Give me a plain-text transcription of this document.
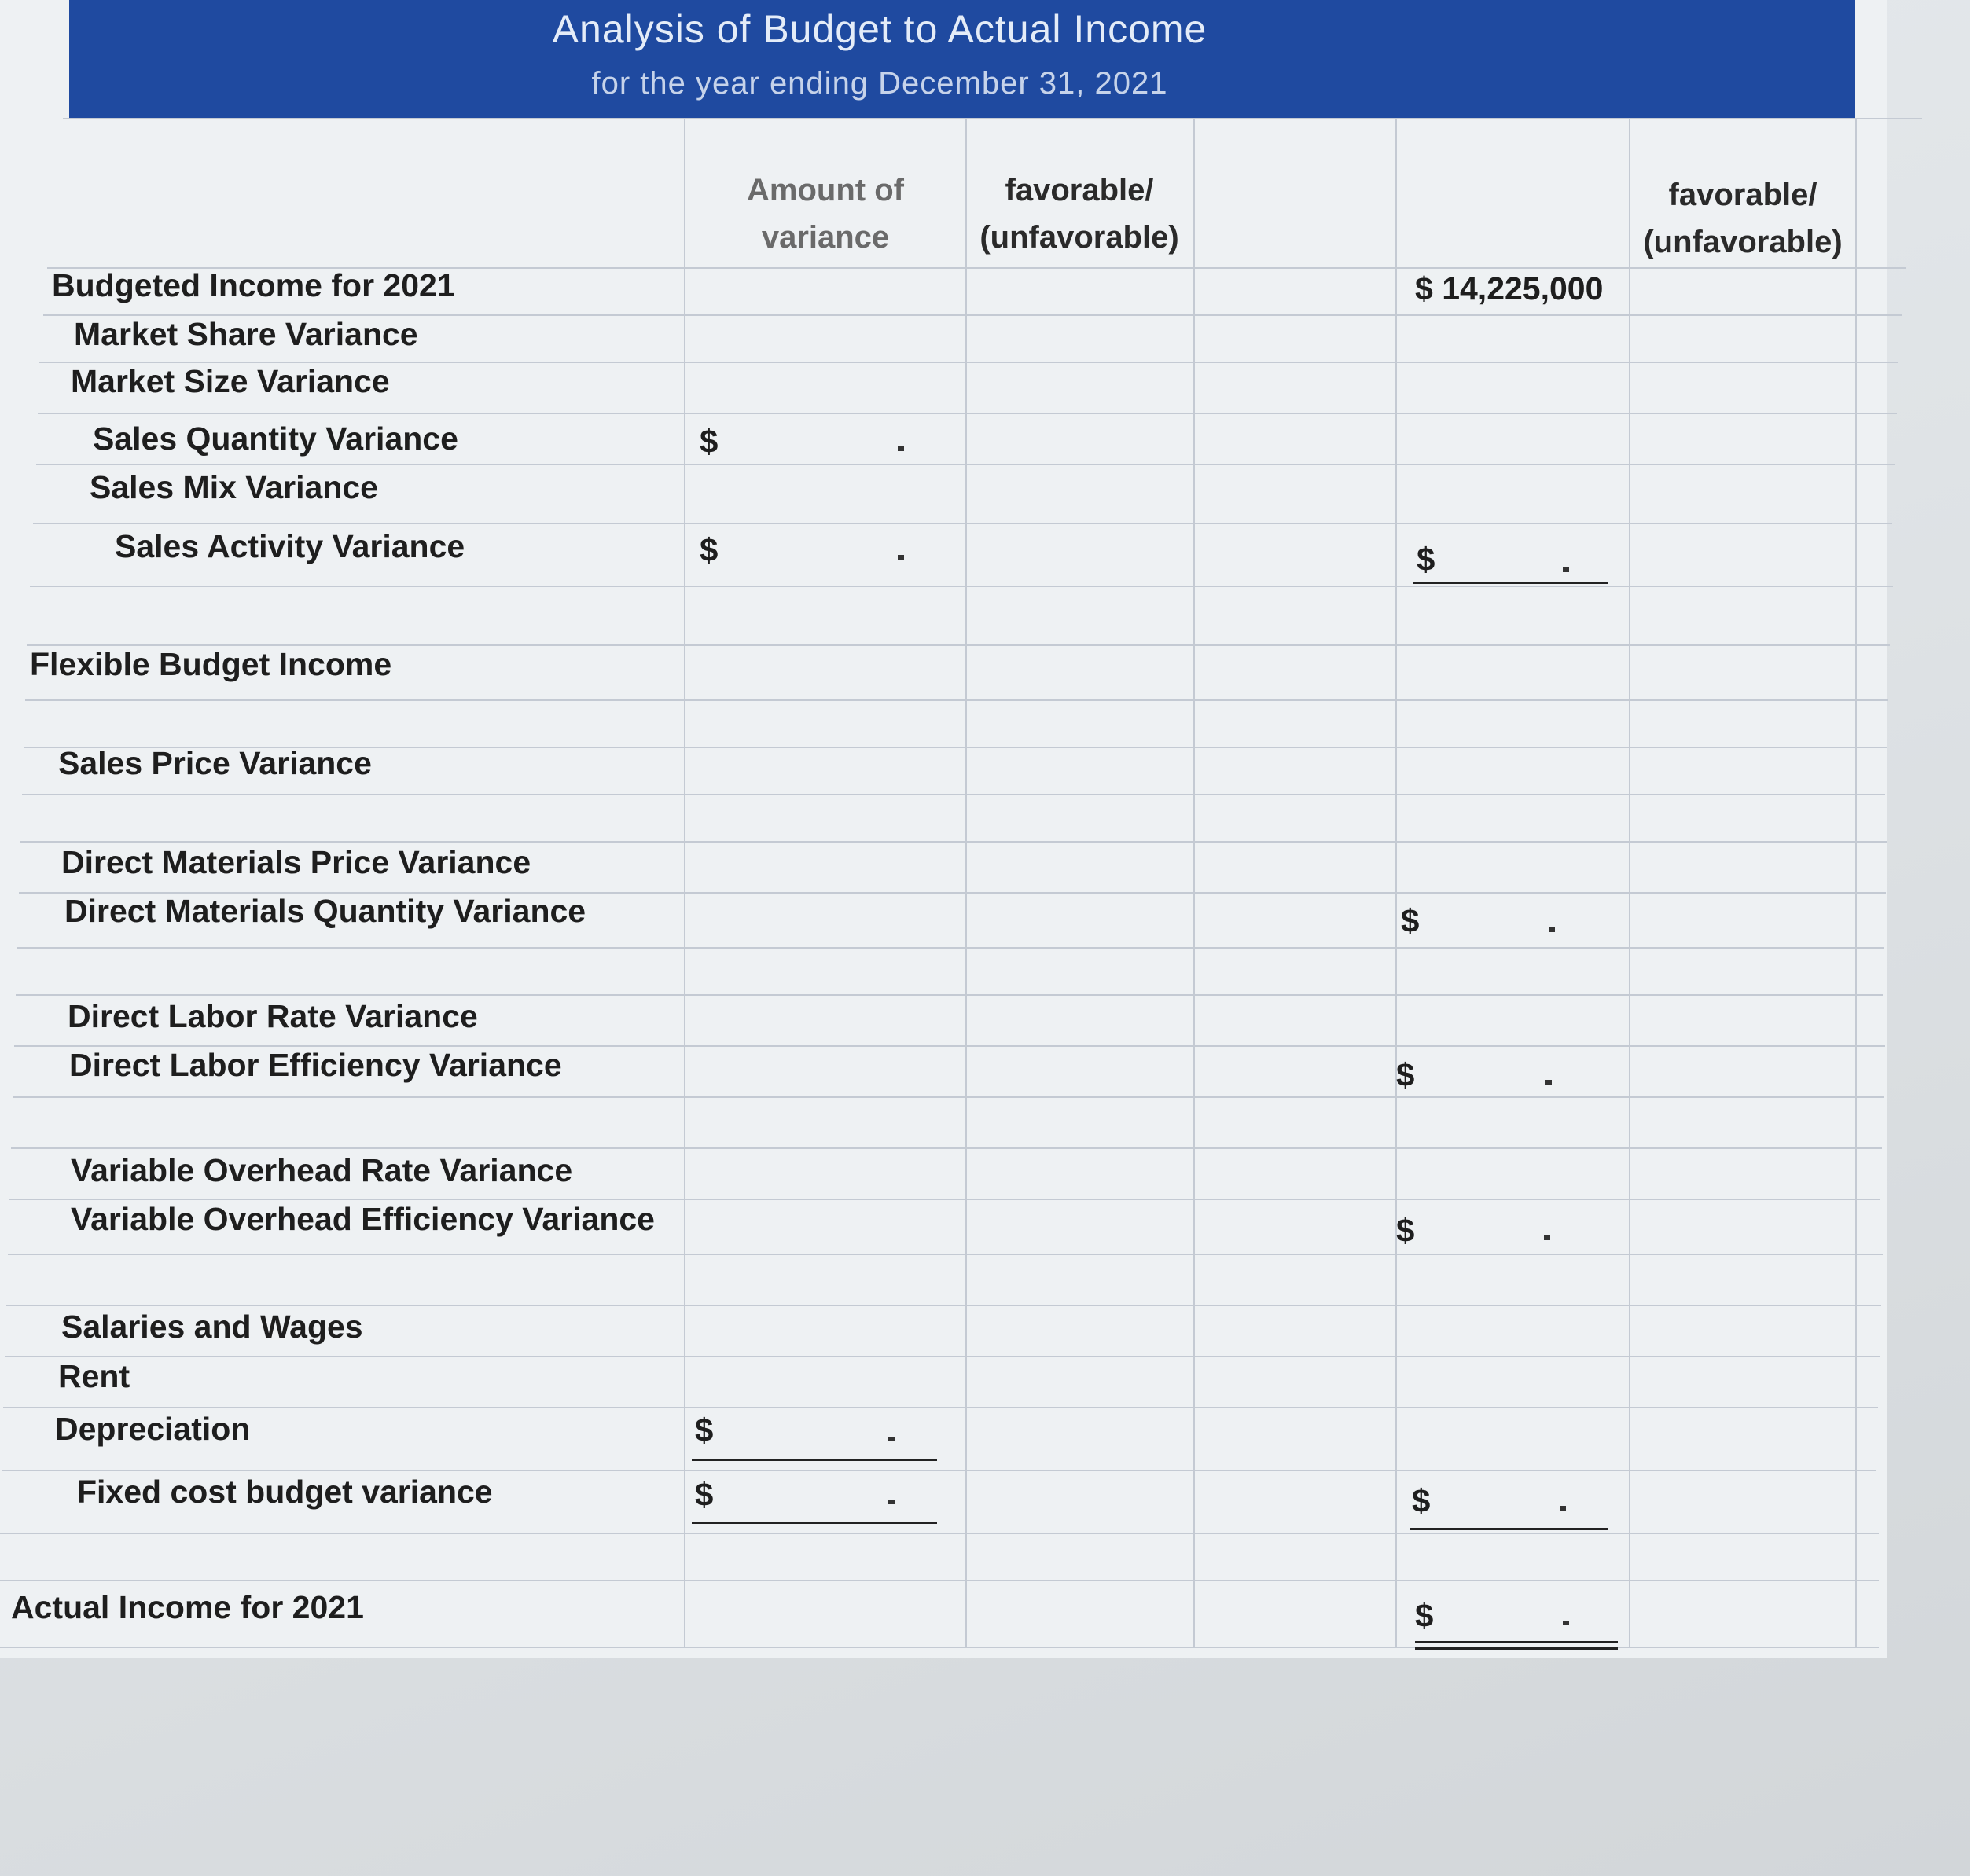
Analysis of Budget to Actual Income
for the year ending December 31, 2021
Amount of
variance
favorable/
(unfavorable)
favorable/
(unfavorable)
Budgeted Income for 2021
Market Share Variance
Market Size Variance
Sales Quantity Variance
Sales Mix Variance
Sales Activity Variance
Flexible Budget Income
Sales Price Variance
Direct Materials Price Variance
Direct Materials Quantity Variance
Direct Labor Rate Variance
Direct Labor Efficiency Variance
Variable Overhead Rate Variance
Variable Overhead Efficiency Variance
Salaries and Wages
Rent
Depreciation
Fixed cost budget variance
Actual Income for 2021
$
$
$
$
$ 14,225,000
$
$
$
$
$
$
